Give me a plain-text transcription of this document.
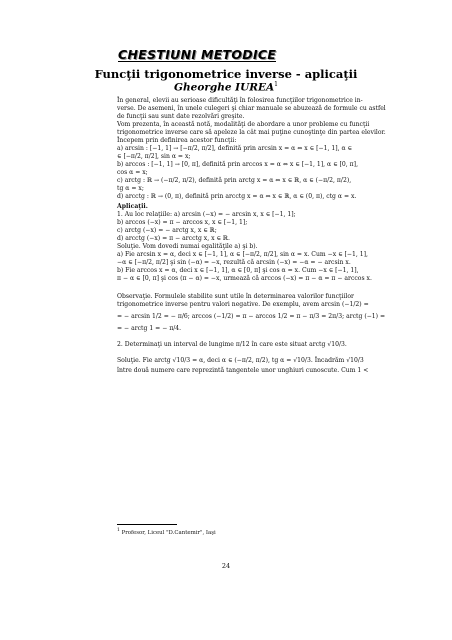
CHESTIUNI METODICE
Funcţii trigonometrice inverse - aplicaţii
Gheorghe IUREA$^1$
În general, elevii au serioase dificultăţi în folosirea funcţiilor trigonometrice in-
verse. De asemeni, în unele culegeri şi chiar manuale se abuzează de formule cu astfel
de funcţii sau sunt date rezolvări greşite.
Vom prezenta, în această notă, modalităţi de abordare a unor probleme cu funcţii
trigonometrice inverse care să apeleze la cât mai puţine cunoştinţe din partea elevilor.
Începem prin definirea acestor funcţii:
a) arcsin : [−1, 1] → [−π/2, π/2], definită prin arcsin x = α ⇔ x ∈ [−1, 1], α ∈
∈ [−π/2, π/2], sin α = x;
b) arccos : [−1, 1] → [0, π], definită prin arccos x = α ⇔ x ∈ [−1, 1], α ∈ [0, π],
cos α = x;
c) arctg : ℝ → (−π/2, π/2), definită prin arctg x = α ⇔ x ∈ ℝ, α ∈ (−π/2, π/2),
tg α = x;
d) arcctg : ℝ → (0, π), definită prin arcctg x = α ⇔ x ∈ ℝ, α ∈ (0, π), ctg α = x.
Aplicaţii.
1. Au loc relaţiile: a) arcsin (−x) = − arcsin x, x ∈ [−1, 1];
b) arccos (−x) = π − arccos x, x ∈ [−1, 1];
c) arctg (−x) = − arctg x, x ∈ ℝ;
d) arcctg (−x) = π − arcctg x, x ∈ ℝ.
Soluţie. Vom dovedi numai egalităţile a) şi b).
a) Fie arcsin x = α, deci x ∈ [−1, 1], α ∈ [−π/2, π/2], sin α = x. Cum −x ∈ [−1, 1],
−α ∈ [−π/2, π/2] şi sin (−α) = −x, rezultă că arcsin (−x) = −α = − arcsin x.
b) Fie arccos x = α, deci x ∈ [−1, 1], α ∈ [0, π] şi cos α = x. Cum −x ∈ [−1, 1],
π − α ∈ [0, π] şi cos (π − α) = −x, urmează că arccos (−x) = π − α = π − arccos x.
Observaţie. Formulele stabilite sunt utile în determinarea valorilor funcţiilor
trigonometrice inverse pentru valori negative. De exemplu, avem arcsin (−1/2) =
= − arcsin 1/2 = − π/6; arccos (−1/2) = π − arccos 1/2 = π − π/3 = 2π/3; arctg (−1) =
= − arctg 1 = − π/4.
2. Determinaţi un interval de lungime π/12 în care este situat arctg √10/3.
Soluţie. Fie arctg √10/3 = α, deci α ∈ (−π/2, π/2), tg α = √10/3. Încadrăm √10/3
între două numere care reprezintă tangentele unor unghiuri cunoscute. Cum 1 <
$^1$ Profesor, Liceul "D.Cantemir", Iaşi
24
